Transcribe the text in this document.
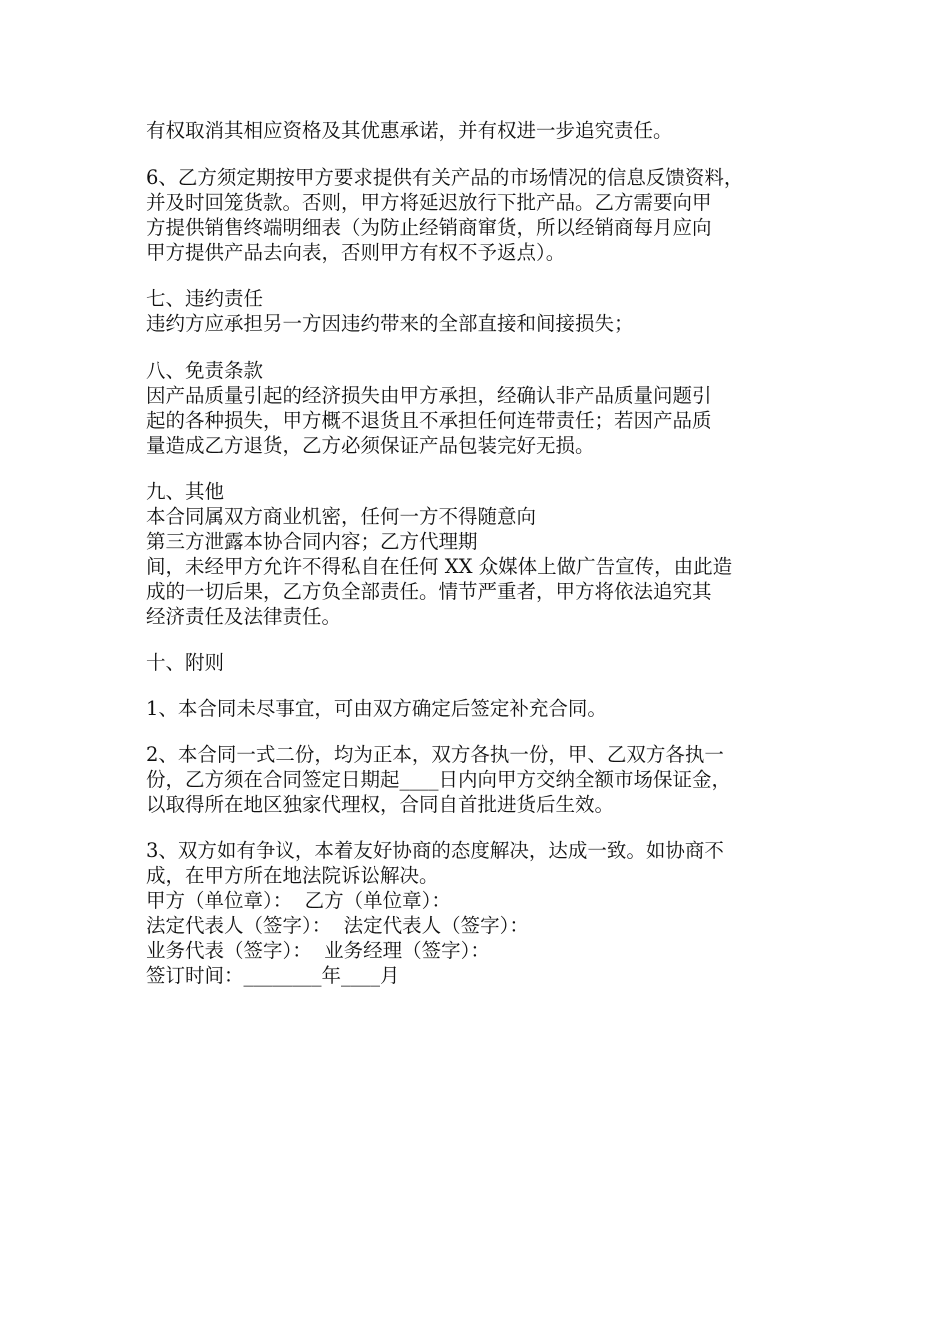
有权取消其相应资格及其优惠承诺，并有权进一步追究责任。
6、乙方须定期按甲方要求提供有关产品的市场情况的信息反馈资料，
并及时回笼货款。否则，甲方将延迟放行下批产品。乙方需要向甲
方提供销售终端明细表（为防止经销商窜货，所以经销商每月应向
甲方提供产品去向表，否则甲方有权不予返点）。
七、违约责任
违约方应承担另一方因违约带来的全部直接和间接损失；
八、免责条款
因产品质量引起的经济损失由甲方承担，经确认非产品质量问题引
起的各种损失，甲方概不退货且不承担任何连带责任；若因产品质
量造成乙方退货，乙方必须保证产品包装完好无损。
九、其他
本合同属双方商业机密，任何一方不得随意向
第三方泄露本协合同内容；乙方代理期
间，未经甲方允许不得私自在任何 XX 众媒体上做广告宣传，由此造
成的一切后果，乙方负全部责任。情节严重者，甲方将依法追究其
经济责任及法律责任。
十、附则
1、本合同未尽事宜，可由双方确定后签定补充合同。
2、本合同一式二份，均为正本，双方各执一份，甲、乙双方各执一
份，乙方须在合同签定日期起____日内向甲方交纳全额市场保证金，
以取得所在地区独家代理权，合同自首批进货后生效。
3、双方如有争议，本着友好协商的态度解决，达成一致。如协商不
成，在甲方所在地法院诉讼解决。
甲方（单位章）：  乙方（单位章）：
法定代表人（签字）：  法定代表人（签字）：
业务代表（签字）：  业务经理（签字）：
签订时间：________年____月
